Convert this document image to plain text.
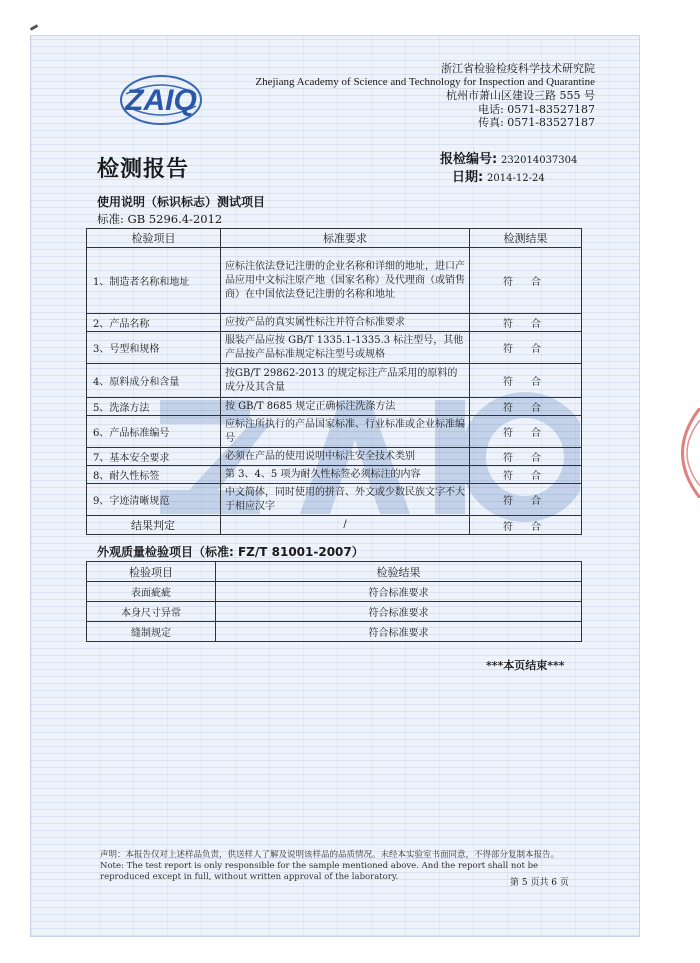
ZAIQ
浙江省检验检疫科学技术研究院
Zhejiang Academy of Science and Technology for Inspection and Quarantine
杭州市萧山区建设三路 555 号
电话: 0571-83527187
传真: 0571-83527187
检测报告	报检编号: 232014037304
日期: 2014-12-24
使用说明（标识标志）测试项目
标准: GB 5296.4-2012
检验项目	标准要求	检测结果
1、制造者名称和地址	应标注依法登记注册的企业名称和详细的地址，进口产品应用中文标注原产地（国家名称）及代理商（或销售商）在中国依法登记注册的名称和地址	符合
2、产品名称	应按产品的真实属性标注并符合标准要求	符合
3、号型和规格	服装产品应按 GB/T 1335.1-1335.3 标注型号，其他产品按产品标准规定标注型号或规格	符合
4、原料成分和含量	按GB/T 29862-2013 的规定标注产品采用的原料的成分及其含量	符合
5、洗涤方法	按 GB/T 8685 规定正确标注洗涤方法	符合
6、产品标准编号	应标注所执行的产品国家标准、行业标准或企业标准编号	符合
7、基本安全要求	必须在产品的使用说明中标注安全技术类别	符合
8、耐久性标签	第 3、4、5 项为耐久性标签必须标注的内容	符合
9、字迹清晰规范	中文简体，同时使用的拼音、外文或少数民族文字不大于相应汉字	符合
结果判定	/	符合
外观质量检验项目（标准: FZ/T 81001-2007）
检验项目	检验结果
表面疵疵	符合标准要求
本身尺寸异常	符合标准要求
缝制规定	符合标准要求
***本页结束***
声明：本报告仅对上述样品负责，供送样人了解及说明该样品的品质情况。未经本实验室书面同意，不得部分复制本报告。
Note: The test report is only responsible for the sample mentioned above. And the report shall not be reproduced except in full, without written approval of the laboratory.
第 5 页共 6 页
